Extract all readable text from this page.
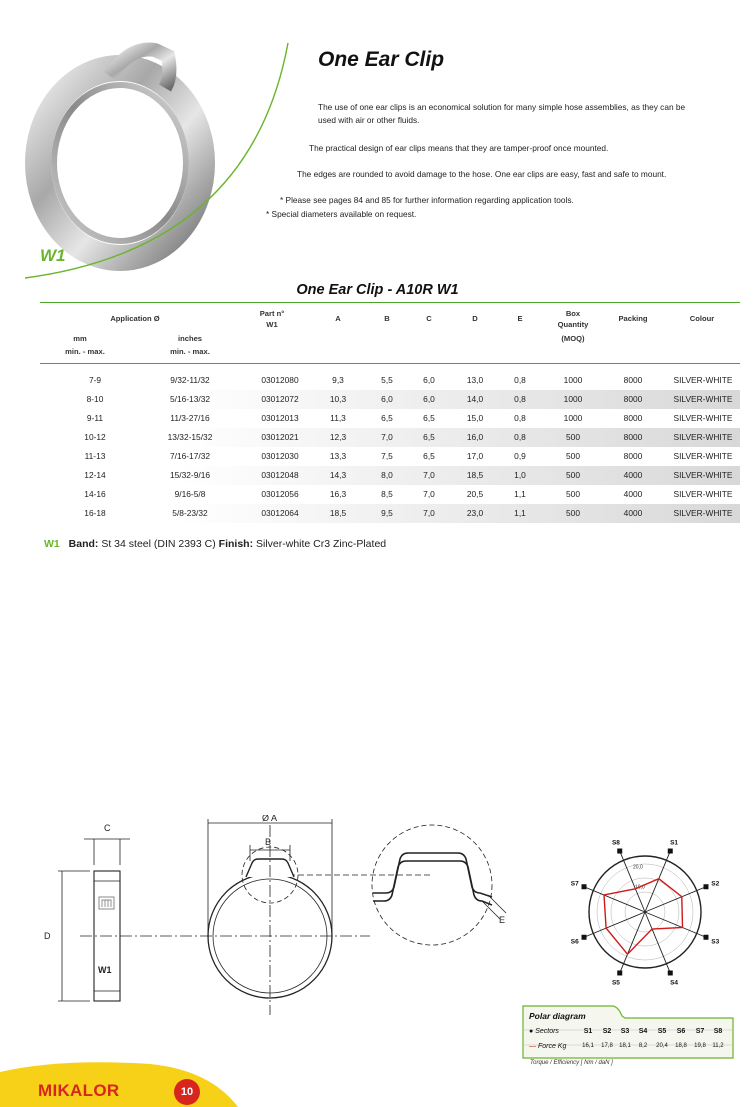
W1
One Ear Clip
The use of one ear clips is an economical solution for many simple hose assemblies, as they can be
used with air or other fluids.
The practical design of ear clips means that they are tamper-proof once mounted.
The edges are rounded to avoid damage to the hose. One ear clips are easy, fast and safe to mount.
* Please see pages 84 and 85 for further information regarding application tools.
* Special diameters available on request.
One Ear Clip - A10R W1
Application Ø
mm
min. - max.
inches
min. - max.
Part n°
W1
A	B	C	D	E
Box
Quantity
(MOQ)
Packing	Colour
7-9	9/32-11/32	03012080	9,3	5,5	6,0	13,0	0,8	1000	8000	SILVER-WHITE
8-10	5/16-13/32	03012072	10,3	6,0	6,0	14,0	0,8	1000	8000	SILVER-WHITE
9-11	11/3-27/16	03012013	11,3	6,5	6,5	15,0	0,8	1000	8000	SILVER-WHITE
10-12	13/32-15/32	03012021	12,3	7,0	6,5	16,0	0,8	500	8000	SILVER-WHITE
11-13	7/16-17/32	03012030	13,3	7,5	6,5	17,0	0,9	500	8000	SILVER-WHITE
12-14	15/32-9/16	03012048	14,3	8,0	7,0	18,5	1,0	500	4000	SILVER-WHITE
14-16	9/16-5/8	03012056	16,3	8,5	7,0	20,5	1,1	500	4000	SILVER-WHITE
16-18	5/8-23/32	03012064	18,5	9,5	7,0	23,0	1,1	500	4000	SILVER-WHITE
W1 Band: St 34 steel (DIN 2393 C) Finish: Silver-white Cr3 Zinc-Plated
C
D
Ø A
B
E
W1
S1
S2
S3
S4
S5
S6
S7
S8
20,0
10,0
Polar diagram
● Sectors	S1	S2	S3	S4	S5	S6	S7	S8
— Force Kg	16,1	17,8	18,1	8,2	20,4	18,8	19,8	11,2
Torque / Efficiency [ Nm / daN ]
MIKALOR	10
